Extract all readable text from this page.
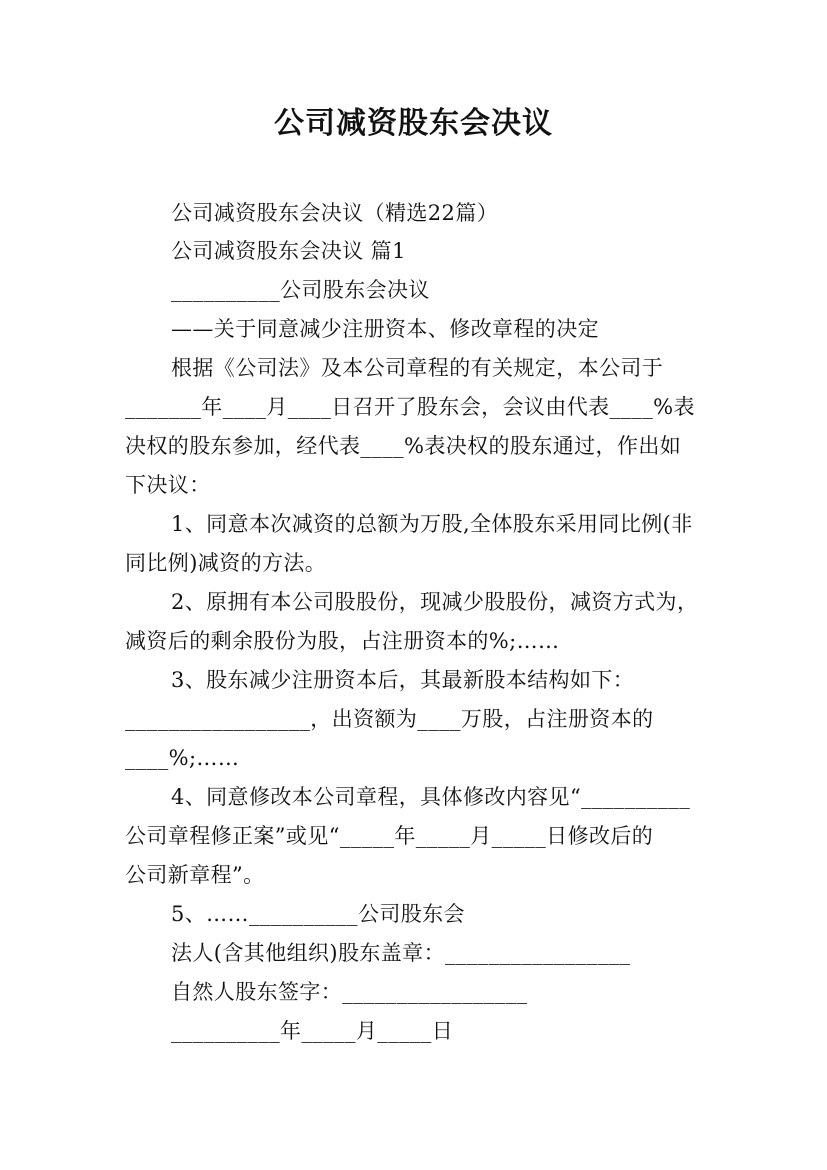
公司减资股东会决议
公司减资股东会决议（精选22篇）
公司减资股东会决议 篇1
__________公司股东会决议
——关于同意减少注册资本、修改章程的决定
根据《公司法》及本公司章程的有关规定，本公司于
_______年____月____日召开了股东会，会议由代表____%表
决权的股东参加，经代表____%表决权的股东通过，作出如
下决议：
1、同意本次减资的总额为万股,全体股东采用同比例(非
同比例)减资的方法。
2、原拥有本公司股股份，现减少股股份，减资方式为，
减资后的剩余股份为股，占注册资本的%;……
3、股东减少注册资本后，其最新股本结构如下：
_________________，出资额为____万股，占注册资本的
____%;……
4、同意修改本公司章程，具体修改内容见“__________
公司章程修正案”或见“_____年_____月_____日修改后的
公司新章程”。
5、……__________公司股东会
法人(含其他组织)股东盖章：_________________
自然人股东签字：_________________
__________年_____月_____日
